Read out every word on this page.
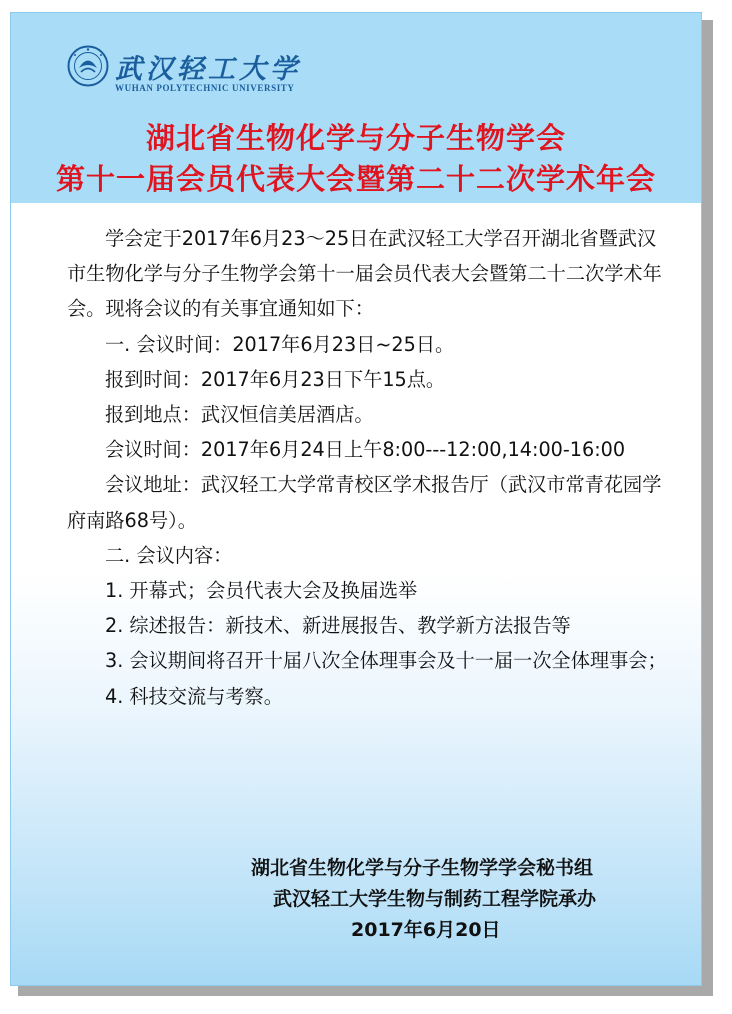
武汉轻工大学
WUHAN POLYTECHNIC UNIVERSITY
湖北省生物化学与分子生物学会
第十一届会员代表大会暨第二十二次学术年会

学会定于2017年6月23～25日在武汉轻工大学召开湖北省暨武汉市生物化学与分子生物学会第十一届会员代表大会暨第二十二次学术年会。现将会议的有关事宜通知如下：

一. 会议时间：2017年6月23日~25日。

报到时间：2017年6月23日下午15点。

报到地点：武汉恒信美居酒店。

会议时间：2017年6月24日上午8:00---12:00,14:00-16:00

会议地址：武汉轻工大学常青校区学术报告厅（武汉市常青花园学府南路68号）。

二. 会议内容：

1. 开幕式；会员代表大会及换届选举

2. 综述报告：新技术、新进展报告、教学新方法报告等

3. 会议期间将召开十届八次全体理事会及十一届一次全体理事会；

4. 科技交流与考察。

湖北省生物化学与分子生物学学会秘书组
武汉轻工大学生物与制药工程学院承办
2017年6月20日
